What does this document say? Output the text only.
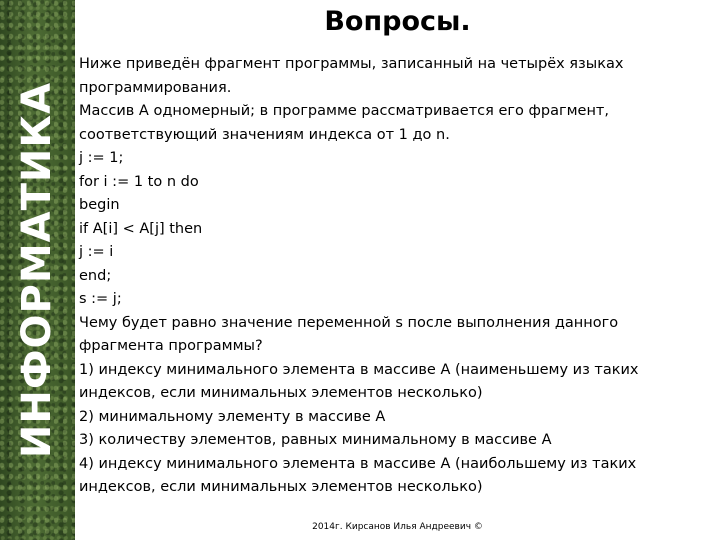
ИНФОРМАТИКА
Вопросы.
Ниже приведён фрагмент программы, записанный на четырёх языках
программирования.
Массив A одномерный; в программе рассматривается его фрагмент,
соответствующий значениям индекса от 1 до n.
j := 1;
for i := 1 to n do
begin
if A[i] < A[j] then
j := i
end;
s := j;
Чему будет равно значение переменной s после выполнения данного
фрагмента программы?
1) индексу минимального элемента в массиве A (наименьшему из таких
индексов, если минимальных элементов несколько)
2) минимальному элементу в массиве A
3) количеству элементов, равных минимальному в массиве A
4) индексу минимального элемента в массиве A (наибольшему из таких
индексов, если минимальных элементов несколько)
2014г. Кирсанов Илья Андреевич ©
